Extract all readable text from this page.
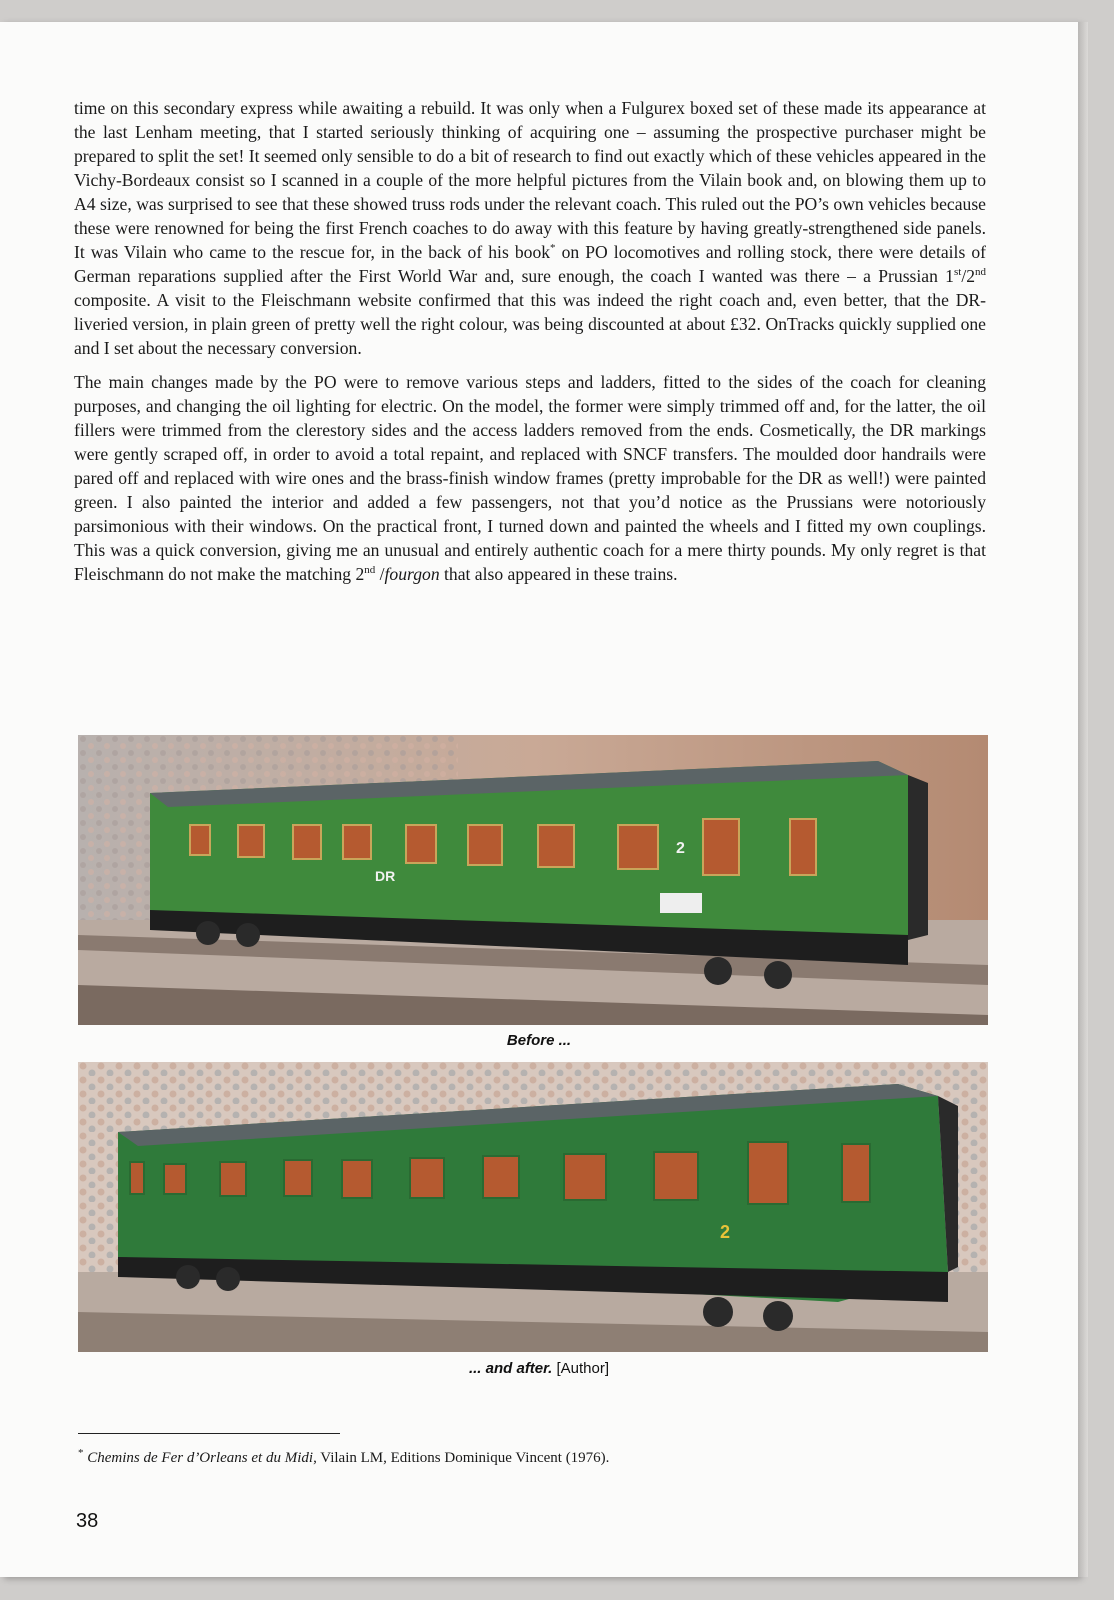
time on this secondary express while awaiting a rebuild. It was only when a Fulgurex boxed set of these made its appearance at the last Lenham meeting, that I started seriously thinking of acquiring one – assuming the prospective purchaser might be prepared to split the set! It seemed only sensible to do a bit of research to find out exactly which of these vehicles appeared in the Vichy-Bordeaux consist so I scanned in a couple of the more helpful pictures from the Vilain book and, on blowing them up to A4 size, was surprised to see that these showed truss rods under the relevant coach. This ruled out the PO’s own vehicles because these were renowned for being the first French coaches to do away with this feature by having greatly-strengthened side panels. It was Vilain who came to the rescue for, in the back of his book* on PO locomotives and rolling stock, there were details of German reparations supplied after the First World War and, sure enough, the coach I wanted was there – a Prussian 1st/2nd composite. A visit to the Fleischmann website confirmed that this was indeed the right coach and, even better, that the DR-liveried version, in plain green of pretty well the right colour, was being discounted at about £32. OnTracks quickly supplied one and I set about the necessary conversion.

The main changes made by the PO were to remove various steps and ladders, fitted to the sides of the coach for cleaning purposes, and changing the oil lighting for electric. On the model, the former were simply trimmed off and, for the latter, the oil fillers were trimmed from the clerestory sides and the access ladders removed from the ends. Cosmetically, the DR markings were gently scraped off, in order to avoid a total repaint, and replaced with SNCF transfers. The moulded door handrails were pared off and replaced with wire ones and the brass-finish window frames (pretty improbable for the DR as well!) were painted green. I also painted the interior and added a few passengers, not that you’d notice as the Prussians were notoriously parsimonious with their windows. On the practical front, I turned down and painted the wheels and I fitted my own couplings. This was a quick conversion, giving me an unusual and entirely authentic coach for a mere thirty pounds. My only regret is that Fleischmann do not make the matching 2nd /fourgon that also appeared in these trains.

DR
2
Before ...
2
... and after. [Author]
* Chemins de Fer d’Orleans et du Midi, Vilain LM, Editions Dominique Vincent (1976).
38
